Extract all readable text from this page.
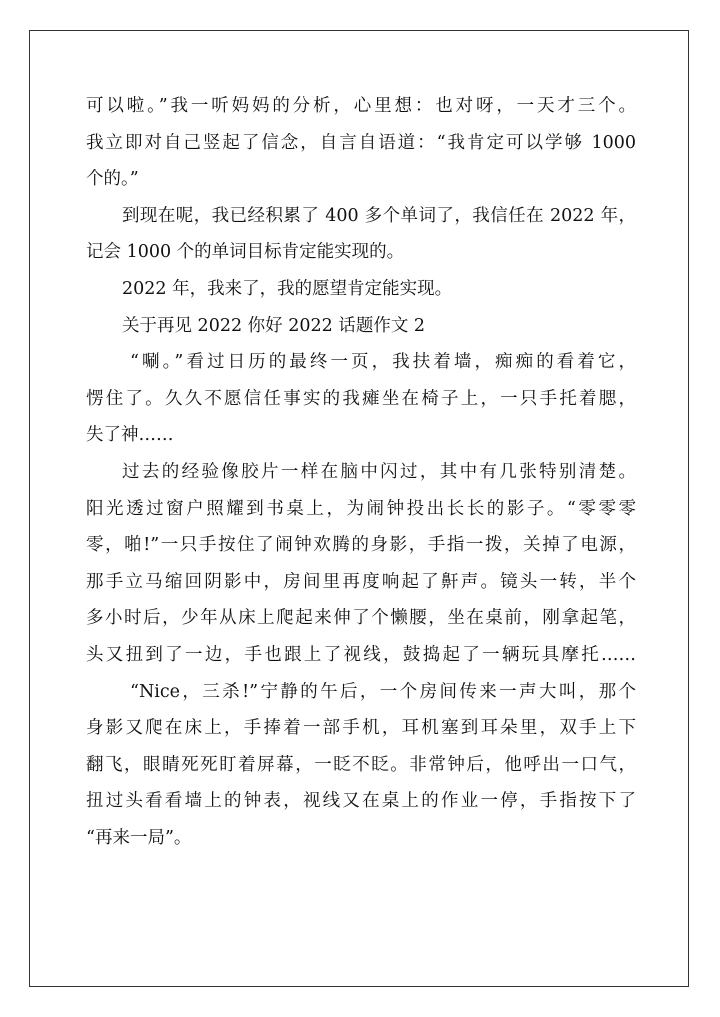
可以啦。”我一听妈妈的分析，心里想：也对呀，一天才三个。
我立即对自己竖起了信念，自言自语道：“我肯定可以学够 1000
个的。”
到现在呢，我已经积累了 400 多个单词了，我信任在 2022 年，
记会 1000 个的单词目标肯定能实现的。
2022 年，我来了，我的愿望肯定能实现。
关于再见 2022 你好 2022 话题作文 2
“唰。”看过日历的最终一页，我扶着墙，痴痴的看着它，
愣住了。久久不愿信任事实的我瘫坐在椅子上，一只手托着腮，
失了神……
过去的经验像胶片一样在脑中闪过，其中有几张特别清楚。
阳光透过窗户照耀到书桌上，为闹钟投出长长的影子。“零零零
零，啪!”一只手按住了闹钟欢腾的身影，手指一拨，关掉了电源，
那手立马缩回阴影中，房间里再度响起了鼾声。镜头一转，半个
多小时后，少年从床上爬起来伸了个懒腰，坐在桌前，刚拿起笔，
头又扭到了一边，手也跟上了视线，鼓捣起了一辆玩具摩托……
“Nice，三杀!”宁静的午后，一个房间传来一声大叫，那个
身影又爬在床上，手捧着一部手机，耳机塞到耳朵里，双手上下
翻飞，眼睛死死盯着屏幕，一眨不眨。非常钟后，他呼出一口气，
扭过头看看墙上的钟表，视线又在桌上的作业一停，手指按下了
“再来一局”。
